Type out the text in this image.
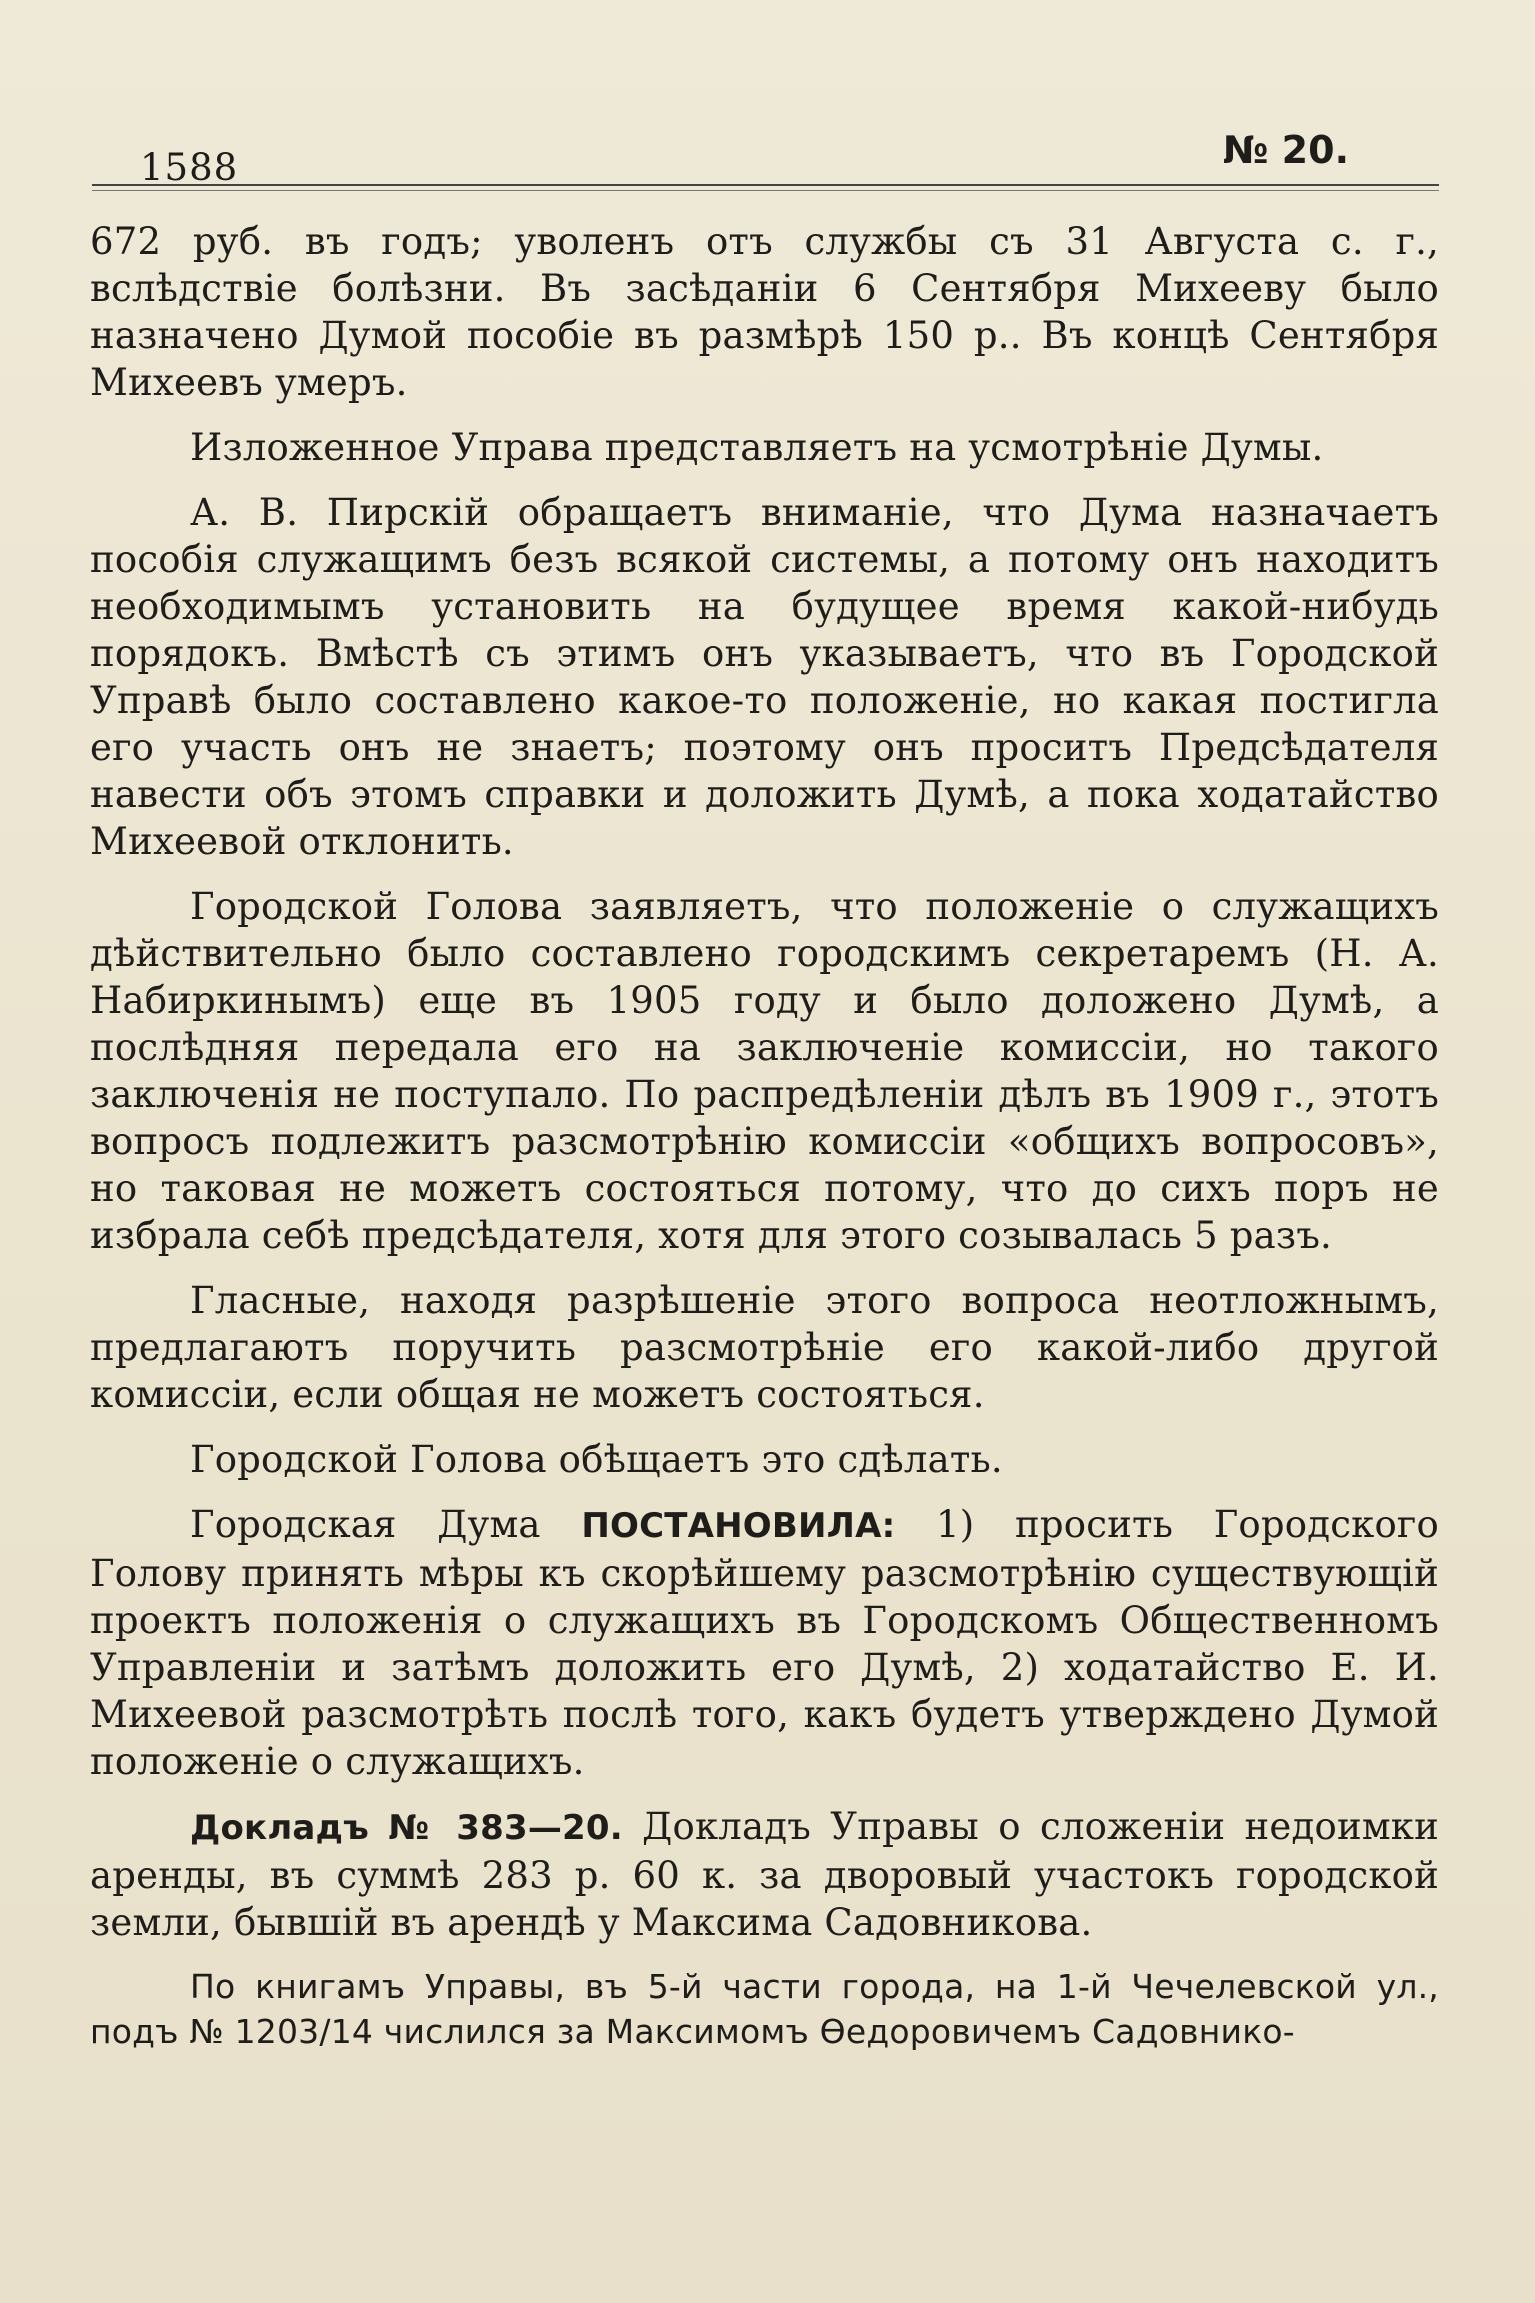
1588	№ 20.

672 руб. въ годъ; уволенъ отъ службы съ 31 Августа с. г., вслѣдствіе болѣзни. Въ засѣданіи 6 Сентября Михееву было назначено Думой пособіе въ размѣрѣ 150 р.. Въ концѣ Сентября Михеевъ умеръ.

Изложенное Управа представляетъ на усмотрѣніе Думы.

А. В. Пирскій обращаетъ вниманіе, что Дума назначаетъ пособія служащимъ безъ всякой системы, а потому онъ находитъ необходимымъ установить на будущее время какой-нибудь порядокъ. Вмѣстѣ съ этимъ онъ указываетъ, что въ Городской Управѣ было составлено какое-то положеніе, но какая постигла его участь онъ не знаетъ; поэтому онъ проситъ Предсѣдателя навести объ этомъ справки и доложить Думѣ, а пока ходатайство Михеевой отклонить.

Городской Голова заявляетъ, что положеніе о служащихъ дѣйствительно было составлено городскимъ секретаремъ (Н. А. Набиркинымъ) еще въ 1905 году и было доложено Думѣ, а послѣдняя передала его на заключеніе комиссіи, но такого заключенія не поступало. По распредѣленіи дѣлъ въ 1909 г., этотъ вопросъ подлежитъ разсмотрѣнію комиссіи «общихъ вопросовъ», но таковая не можетъ состояться потому, что до сихъ поръ не избрала себѣ предсѣдателя, хотя для этого созывалась 5 разъ.

Гласные, находя разрѣшеніе этого вопроса неотложнымъ, предлагаютъ поручить разсмотрѣніе его какой-либо другой комиссіи, если общая не можетъ состояться.

Городской Голова обѣщаетъ это сдѣлать.

Городская Дума ПОСТАНОВИЛА: 1) просить Городского Голову принять мѣры къ скорѣйшему разсмотрѣнію существующій проектъ положенія о служащихъ въ Городскомъ Общественномъ Управленіи и затѣмъ доложить его Думѣ, 2) ходатайство Е. И. Михеевой разсмотрѣть послѣ того, какъ будетъ утверждено Думой положеніе о служащихъ.

Докладъ № 383—20. Докладъ Управы о сложеніи недоимки аренды, въ суммѣ 283 р. 60 к. за дворовый участокъ городской земли, бывшій въ арендѣ у Максима Садовникова.

По книгамъ Управы, въ 5-й части города, на 1-й Чечелевской ул., подъ № 1203/14 числился за Максимомъ Ѳедоровичемъ Садовнико-
